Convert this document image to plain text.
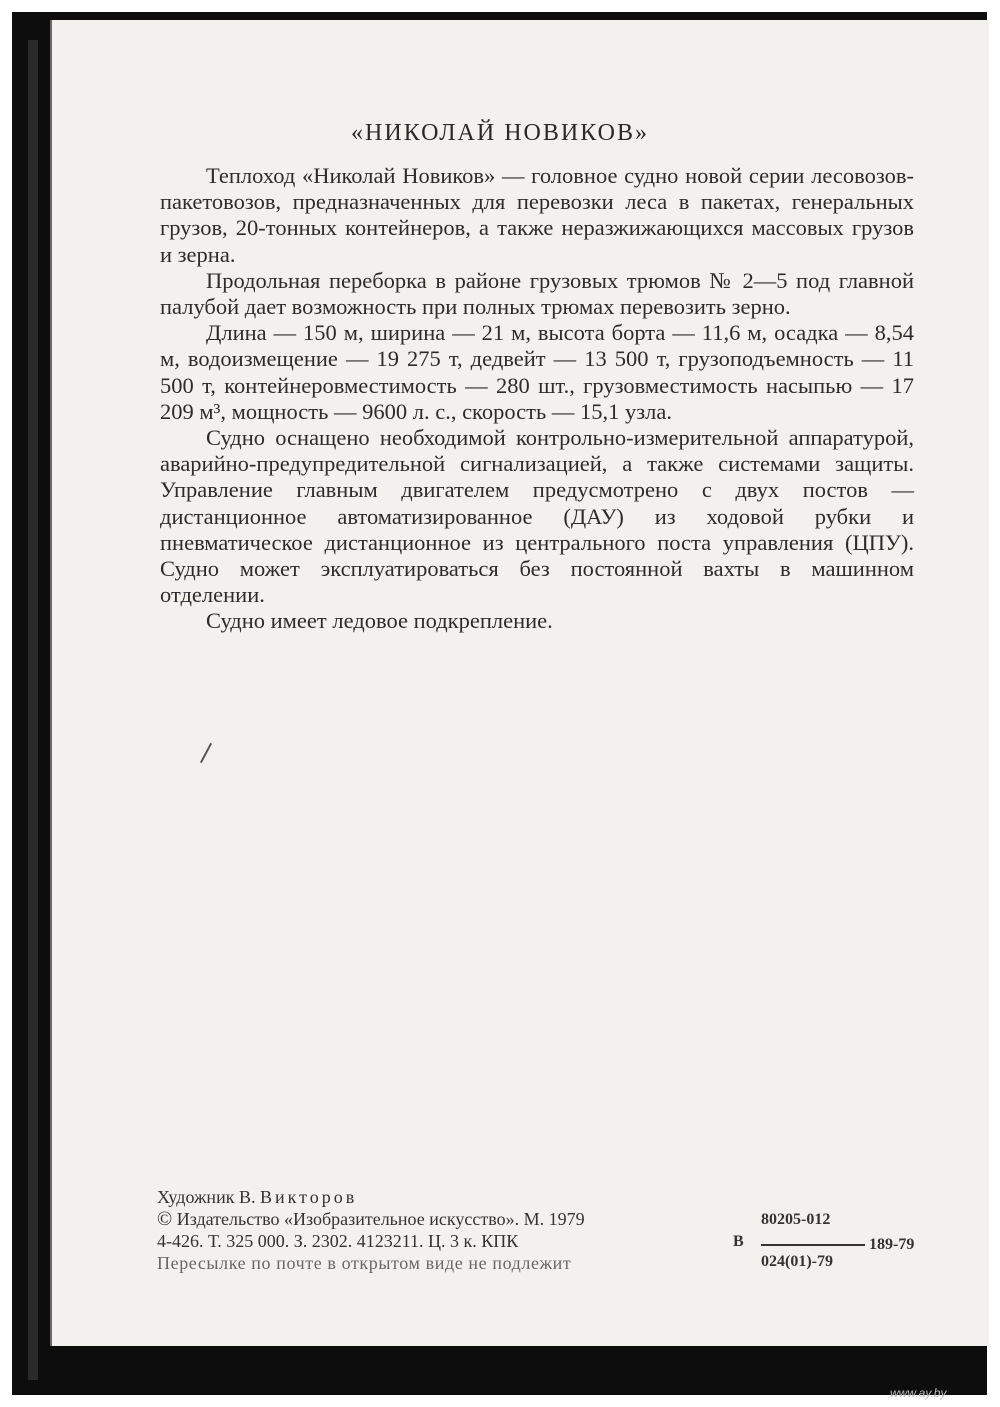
«НИКОЛАЙ НОВИКОВ»

Теплоход «Николай Новиков» — головное судно новой серии лесовозов-пакетовозов, предназначенных для перевозки леса в пакетах, генеральных грузов, 20-тонных контейнеров, а также неразжижающихся массовых грузов и зерна.

Продольная переборка в районе грузовых трюмов № 2—5 под главной палубой дает возможность при полных трюмах перевозить зерно.

Длина — 150 м, ширина — 21 м, высота борта — 11,6 м, осадка — 8,54 м, водоизмещение — 19 275 т, дедвейт — 13 500 т, грузоподъемность — 11 500 т, контейнеровместимость — 280 шт., грузовместимость насыпью — 17 209 м³, мощность — 9600 л. с., скорость — 15,1 узла.

Судно оснащено необходимой контрольно-измерительной аппаратурой, аварийно-предупредительной сигнализацией, а также системами защиты. Управление главным двигателем предусмотрено с двух постов — дистанционное автоматизированное (ДАУ) из ходовой рубки и пневматическое дистанционное из центрального поста управления (ЦПУ). Судно может эксплуатироваться без постоянной вахты в машинном отделении.

Судно имеет ледовое подкрепление.

Художник В. Викторов
© Издательство «Изобразительное искусство». М. 1979
4-426. Т. 325 000. З. 2302. 4123211. Ц. 3 к. КПК
Пересылке по почте в открытом виде не подлежит
80205-012
В	189-79
024(01)-79
www.ay.by
